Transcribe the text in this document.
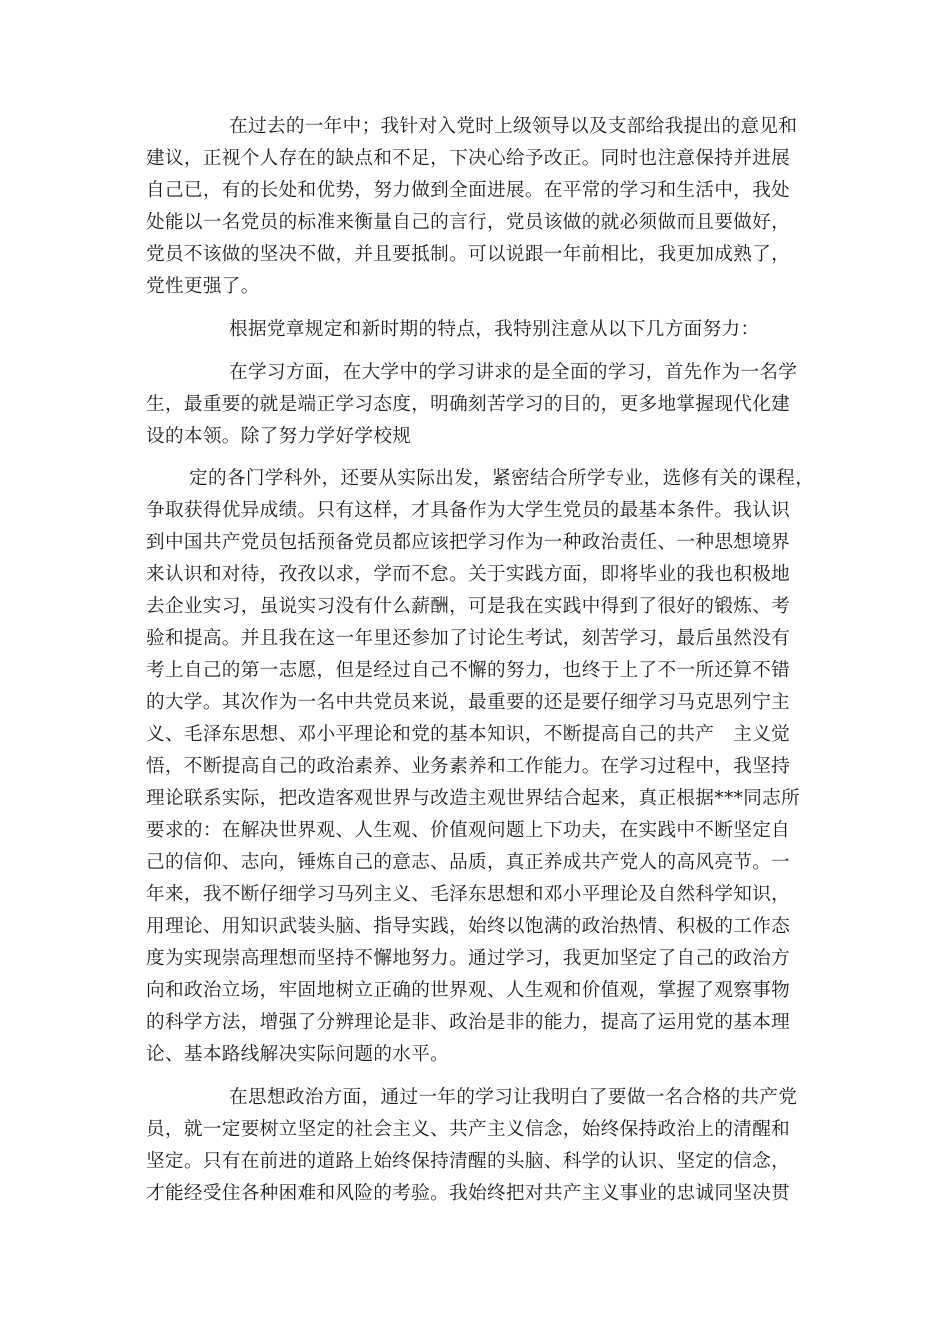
在过去的一年中；我针对入党时上级领导以及支部给我提出的意见和
建议，正视个人存在的缺点和不足，下决心给予改正。同时也注意保持并进展
自己已，有的长处和优势，努力做到全面进展。在平常的学习和生活中，我处
处能以一名党员的标准来衡量自己的言行，党员该做的就必须做而且要做好，
党员不该做的坚决不做，并且要抵制。可以说跟一年前相比，我更加成熟了，
党性更强了。
根据党章规定和新时期的特点，我特别注意从以下几方面努力：
在学习方面，在大学中的学习讲求的是全面的学习，首先作为一名学
生，最重要的就是端正学习态度，明确刻苦学习的目的，更多地掌握现代化建
设的本领。除了努力学好学校规
定的各门学科外，还要从实际出发，紧密结合所学专业，选修有关的课程，
争取获得优异成绩。只有这样，才具备作为大学生党员的最基本条件。我认识
到中国共产党员包括预备党员都应该把学习作为一种政治责任、一种思想境界
来认识和对待，孜孜以求，学而不怠。关于实践方面，即将毕业的我也积极地
去企业实习，虽说实习没有什么薪酬，可是我在实践中得到了很好的锻炼、考
验和提高。并且我在这一年里还参加了讨论生考试，刻苦学习，最后虽然没有
考上自己的第一志愿，但是经过自己不懈的努力，也终于上了不一所还算不错
的大学。其次作为一名中共党员来说，最重要的还是要仔细学习马克思列宁主
义、毛泽东思想、邓小平理论和党的基本知识，不断提高自己的共产　主义觉
悟，不断提高自己的政治素养、业务素养和工作能力。在学习过程中，我坚持
理论联系实际，把改造客观世界与改造主观世界结合起来，真正根据***同志所
要求的：在解决世界观、人生观、价值观问题上下功夫，在实践中不断坚定自
己的信仰、志向，锤炼自己的意志、品质，真正养成共产党人的高风亮节。一
年来，我不断仔细学习马列主义、毛泽东思想和邓小平理论及自然科学知识，
用理论、用知识武装头脑、指导实践，始终以饱满的政治热情、积极的工作态
度为实现崇高理想而坚持不懈地努力。通过学习，我更加坚定了自己的政治方
向和政治立场，牢固地树立正确的世界观、人生观和价值观，掌握了观察事物
的科学方法，增强了分辨理论是非、政治是非的能力，提高了运用党的基本理
论、基本路线解决实际问题的水平。
在思想政治方面，通过一年的学习让我明白了要做一名合格的共产党
员，就一定要树立坚定的社会主义、共产主义信念，始终保持政治上的清醒和
坚定。只有在前进的道路上始终保持清醒的头脑、科学的认识、坚定的信念，
才能经受住各种困难和风险的考验。我始终把对共产主义事业的忠诚同坚决贯
